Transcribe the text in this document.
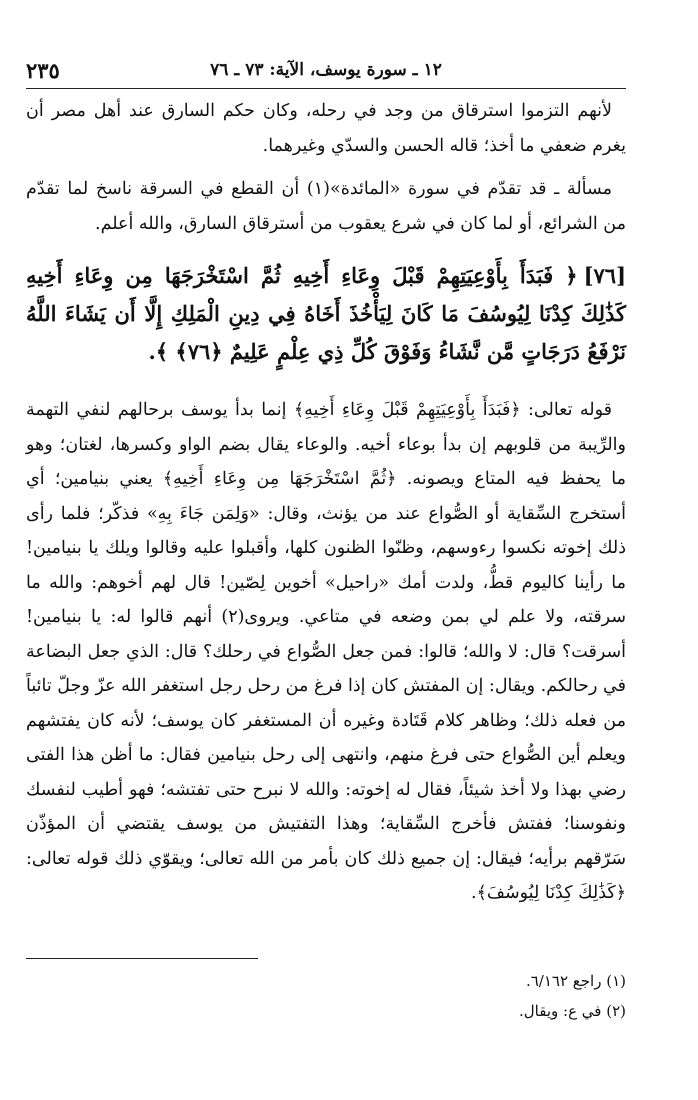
٢٣٥	١٢ ـ سورة يوسف، الآية: ٧٣ ـ ٧٦

لأنهم التزموا استرقاق من وجد في رحله، وكان حكم السارق عند أهل مصر أن يغرم ضعفي ما أخذ؛ قاله الحسن والسدّي وغيرهما.

مسألة ـ قد تقدّم في سورة «المائدة»(١) أن القطع في السرقة ناسخ لما تقدّم من الشرائع، أو لما كان في شرع يعقوب من أسترقاق السارق، والله أعلم.

[٧٦]﴿ فَبَدَأَ بِأَوْعِيَتِهِمْ قَبْلَ وِعَاءِ أَخِيهِ ثُمَّ اسْتَخْرَجَهَا مِن وِعَاءِ أَخِيهِ كَذَٰلِكَ كِدْنَا لِيُوسُفَ مَا كَانَ لِيَأْخُذَ أَخَاهُ فِي دِينِ الْمَلِكِ إِلَّا أَن يَشَاءَ اللَّهُ نَرْفَعُ دَرَجَاتٍ مَّن نَّشَاءُ وَفَوْقَ كُلِّ ذِي عِلْمٍ عَلِيمٌ ﴿٧٦﴾ ﴾.

قوله تعالى: ﴿فَبَدَأَ بِأَوْعِيَتِهِمْ قَبْلَ وِعَاءِ أَخِيهِ﴾ إنما بدأ يوسف برحالهم لنفي التهمة والرِّيبة من قلوبهم إن بدأ بوعاء أخيه. والوعاء يقال بضم الواو وكسرها، لغتان؛ وهو ما يحفظ فيه المتاع ويصونه. ﴿ثُمَّ اسْتَخْرَجَهَا مِن وِعَاءِ أَخِيهِ﴾ يعني بنيامين؛ أي أستخرج السِّقاية أو الصُّواع عند من يؤنث، وقال: «وَلِمَن جَاءَ بِهِ» فذكّر؛ فلما رأى ذلك إخوته نكسوا رءوسهم، وظنّوا الظنون كلها، وأقبلوا عليه وقالوا ويلك يا بنيامين! ما رأينا كاليوم قطُّ، ولدت أمك «راحيل» أخوين لِصّين! قال لهم أخوهم: والله ما سرقته، ولا علم لي بمن وضعه في متاعي. ويروى(٢) أنهم قالوا له: يا بنيامين! أسرقت؟ قال: لا والله؛ قالوا: فمن جعل الصُّواع في رحلك؟ قال: الذي جعل البضاعة في رحالكم. ويقال: إن المفتش كان إذا فرغ من رحل رجل استغفر الله عزّ وجلّ تائباً من فعله ذلك؛ وظاهر كلام قَتَادة وغيره أن المستغفر كان يوسف؛ لأنه كان يفتشهم ويعلم أين الصُّواع حتى فرغ منهم، وانتهى إلى رحل بنيامين فقال: ما أظن هذا الفتى رضي بهذا ولا أخذ شيئاً، فقال له إخوته: والله لا نبرح حتى تفتشه؛ فهو أطيب لنفسك ونفوسنا؛ ففتش فأخرج السِّقاية؛ وهذا التفتيش من يوسف يقتضي أن المؤذّن سَرّقهم برأيه؛ فيقال: إن جميع ذلك كان بأمر من الله تعالى؛ ويقوّي ذلك قوله تعالى: ﴿كَذَٰلِكَ كِدْنَا لِيُوسُفَ﴾.

(١) راجع ٦/١٦٢.

(٢) في ع: ويقال.
